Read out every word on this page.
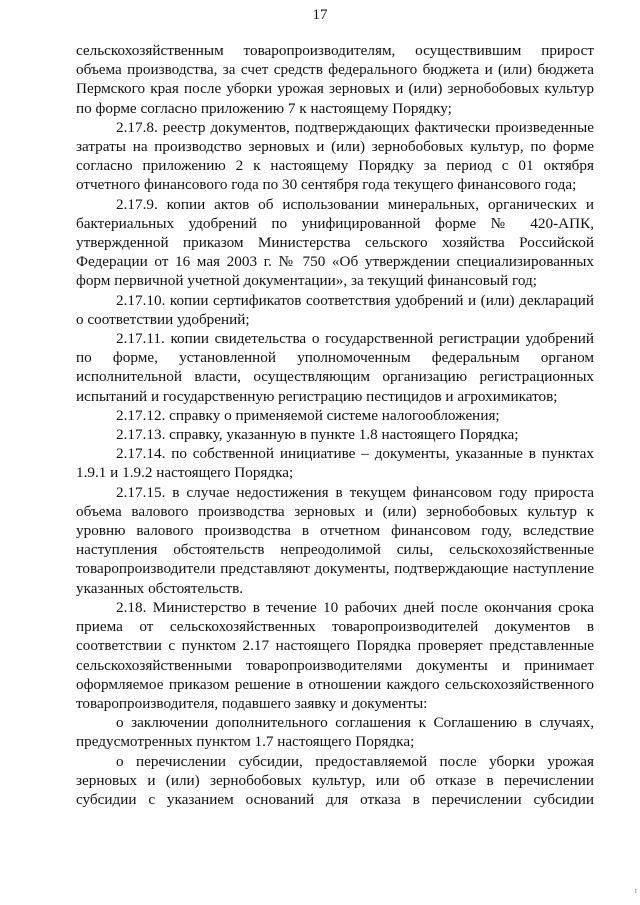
17

сельскохозяйственным товаропроизводителям, осуществившим прирост объема производства, за счет средств федерального бюджета и (или) бюджета Пермского края после уборки урожая зерновых и (или) зернобобовых культур по форме согласно приложению 7 к настоящему Порядку;

2.17.8. реестр документов, подтверждающих фактически произведенные затраты на производство зерновых и (или) зернобобовых культур, по форме согласно приложению 2 к настоящему Порядку за период с 01 октября отчетного финансового года по 30 сентября года текущего финансового года;

2.17.9. копии актов об использовании минеральных, органических и бактериальных удобрений по унифицированной форме № 420-АПК, утвержденной приказом Министерства сельского хозяйства Российской Федерации от 16 мая 2003 г. № 750 «Об утверждении специализированных форм первичной учетной документации», за текущий финансовый год;

2.17.10. копии сертификатов соответствия удобрений и (или) деклараций о соответствии удобрений;

2.17.11. копии свидетельства о государственной регистрации удобрений по форме, установленной уполномоченным федеральным органом исполнительной власти, осуществляющим организацию регистрационных испытаний и государственную регистрацию пестицидов и агрохимикатов;

2.17.12. справку о применяемой системе налогообложения;

2.17.13. справку, указанную в пункте 1.8 настоящего Порядка;

2.17.14. по собственной инициативе – документы, указанные в пунктах 1.9.1 и 1.9.2 настоящего Порядка;

2.17.15. в случае недостижения в текущем финансовом году прироста объема валового производства зерновых и (или) зернобобовых культур к уровню валового производства в отчетном финансовом году, вследствие наступления обстоятельств непреодолимой силы, сельскохозяйственные товаропроизводители представляют документы, подтверждающие наступление указанных обстоятельств.

2.18. Министерство в течение 10 рабочих дней после окончания срока приема от сельскохозяйственных товаропроизводителей документов в соответствии с пунктом 2.17 настоящего Порядка проверяет представленные сельскохозяйственными товаропроизводителями документы и принимает оформляемое приказом решение в отношении каждого сельскохозяйственного товаропроизводителя, подавшего заявку и документы:

о заключении дополнительного соглашения к Соглашению в случаях, предусмотренных пунктом 1.7 настоящего Порядка;

о перечислении субсидии, предоставляемой после уборки урожая зерновых и (или) зернобобовых культур, или об отказе в перечислении субсидии с указанием оснований для отказа в перечислении субсидии

ı
